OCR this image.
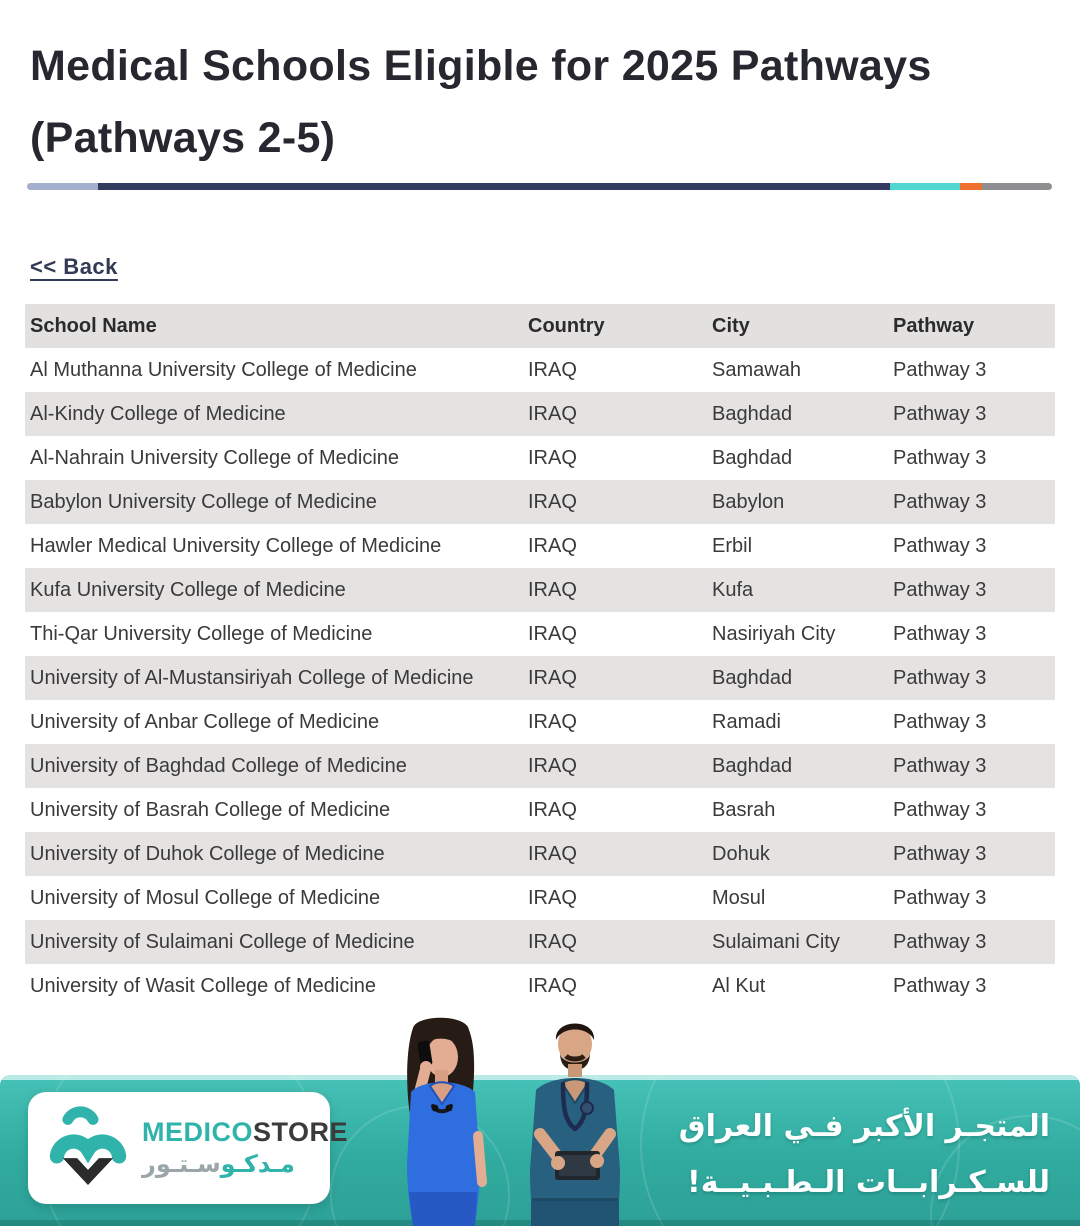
Medical Schools Eligible for 2025 Pathways (Pathways 2-5)
<< Back
School Name	Country	City	Pathway
Al Muthanna University College of Medicine	IRAQ	Samawah	Pathway 3
Al-Kindy College of Medicine	IRAQ	Baghdad	Pathway 3
Al-Nahrain University College of Medicine	IRAQ	Baghdad	Pathway 3
Babylon University College of Medicine	IRAQ	Babylon	Pathway 3
Hawler Medical University College of Medicine	IRAQ	Erbil	Pathway 3
Kufa University College of Medicine	IRAQ	Kufa	Pathway 3
Thi-Qar University College of Medicine	IRAQ	Nasiriyah City	Pathway 3
University of Al-Mustansiriyah College of Medicine	IRAQ	Baghdad	Pathway 3
University of Anbar College of Medicine	IRAQ	Ramadi	Pathway 3
University of Baghdad College of Medicine	IRAQ	Baghdad	Pathway 3
University of Basrah College of Medicine	IRAQ	Basrah	Pathway 3
University of Duhok College of Medicine	IRAQ	Dohuk	Pathway 3
University of Mosul College of Medicine	IRAQ	Mosul	Pathway 3
University of Sulaimani College of Medicine	IRAQ	Sulaimani City	Pathway 3
University of Wasit College of Medicine	IRAQ	Al Kut	Pathway 3
MEDICOSTORE
مـدكـوسـتـور
المتجـر الأكبر فـي العراق
للسـكـرابــات الـطـبـيــة!
